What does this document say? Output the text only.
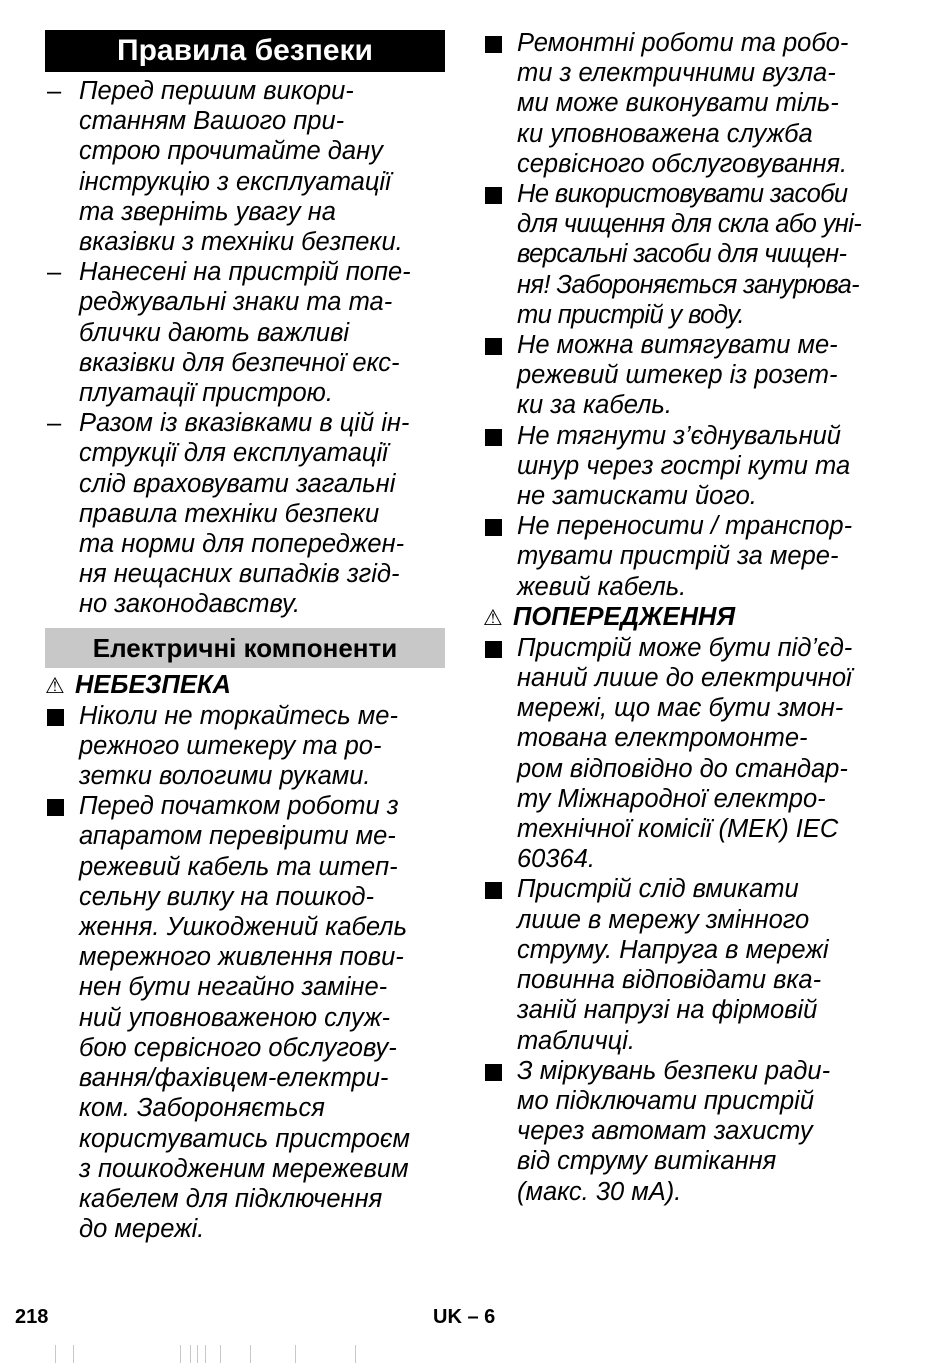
Правила безпеки
– Перед першим викори-
станням Вашого при-
строю прочитайте дану
інструкцію з експлуатації
та зверніть увагу на
вказівки з техніки безпеки.
– Нанесені на пристрій попе-
реджувальні знаки та та-
блички дають важливі
вказівки для безпечної екс-
плуатації пристрою.
– Разом із вказівками в цій ін-
струкції для експлуатації
слід враховувати загальні
правила техніки безпеки
та норми для попереджен-
ня нещасних випадків згід-
но законодавству.
Електричні компоненти
⚠ НЕБЕЗПЕКА
Ніколи не торкайтесь ме-
режного штекеру та ро-
зетки вологими руками.
Перед початком роботи з
апаратом перевірити ме-
режевий кабель та штеп-
сельну вилку на пошкод-
ження. Ушкоджений кабель
мережного живлення пови-
нен бути негайно заміне-
ний уповноваженою служ-
бою сервісного обслугову-
вання/фахівцем-електри-
ком. Забороняється
користуватись пристроєм
з пошкодженим мережевим
кабелем для підключення
до мережі.
Ремонтні роботи та робо-
ти з електричними вузла-
ми може виконувати тіль-
ки уповноважена служба
сервісного обслуговування.
Не використовувати засоби
для чищення для скла або уні-
версальні засоби для чищен-
ня! Забороняється занурюва-
ти пристрій у воду.
Не можна витягувати ме-
режевий штекер із розет-
ки за кабель.
Не тягнути з’єднувальний
шнур через гострі кути та
не затискати його.
Не переносити / транспор-
тувати пристрій за мере-
жевий кабель.
⚠ ПОПЕРЕДЖЕННЯ
Пристрій може бути під’єд-
наний лише до електричної
мережі, що має бути змон-
тована електромонте-
ром відповідно до стандар-
ту Міжнародної електро-
технічної комісії (МЕК) IEC
60364.
Пристрій слід вмикати
лише в мережу змінного
струму. Напруга в мережі
повинна відповідати вка-
заній напрузі на фірмовій
табличці.
З міркувань безпеки ради-
мо підключати пристрій
через автомат захисту
від струму витікання
(макс. 30 мА).
218	UK – 6
